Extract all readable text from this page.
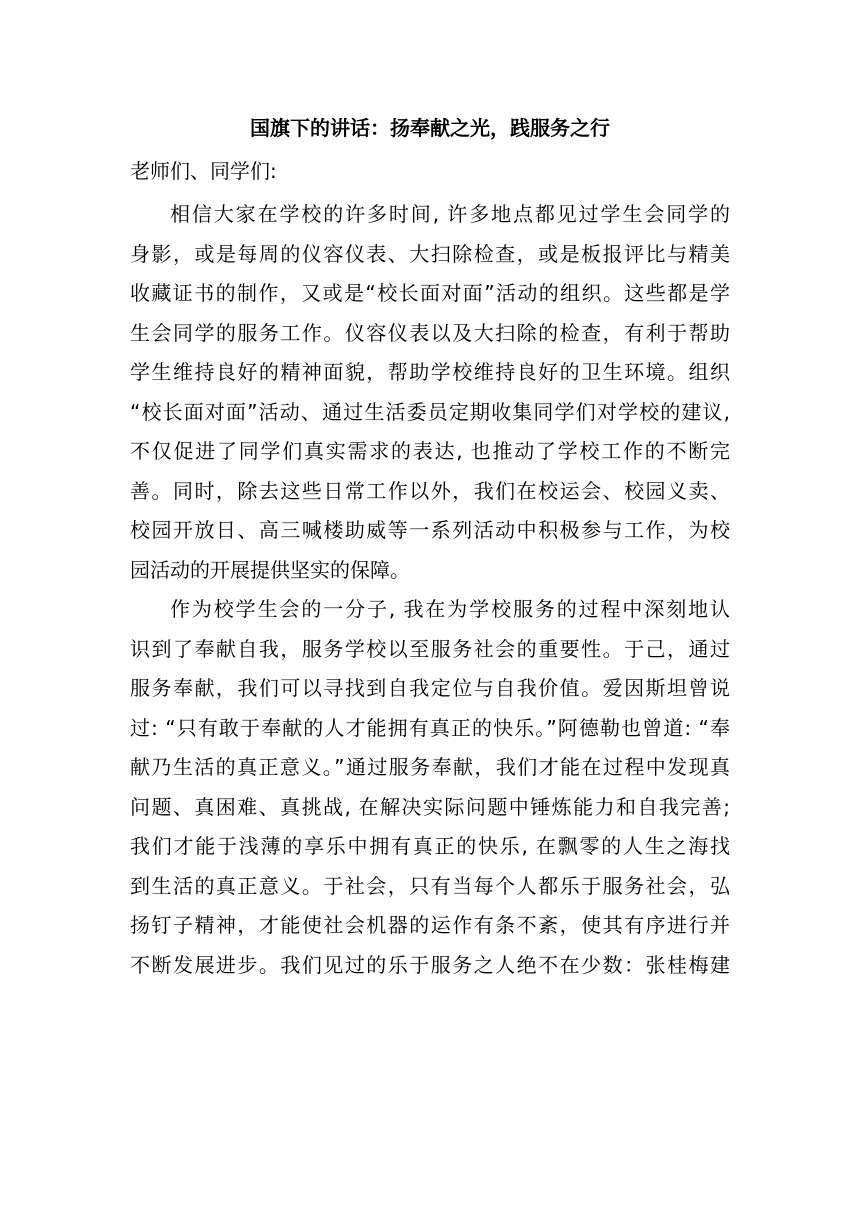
国旗下的讲话：扬奉献之光，践服务之行
老师们、同学们:
相信大家在学校的许多时间, 许多地点都见过学生会同学的
身影，或是每周的仪容仪表、大扫除检查，或是板报评比与精美
收藏证书的制作，又或是“校长面对面”活动的组织。这些都是学
生会同学的服务工作。仪容仪表以及大扫除的检查，有利于帮助
学生维持良好的精神面貌，帮助学校维持良好的卫生环境。组织
“校长面对面”活动、通过生活委员定期收集同学们对学校的建议,
不仅促进了同学们真实需求的表达, 也推动了学校工作的不断完
善。同时，除去这些日常工作以外，我们在校运会、校园义卖、
校园开放日、高三喊楼助威等一系列活动中积极参与工作，为校
园活动的开展提供坚实的保障。
作为校学生会的一分子, 我在为学校服务的过程中深刻地认
识到了奉献自我，服务学校以至服务社会的重要性。于己，通过
服务奉献，我们可以寻找到自我定位与自我价值。爱因斯坦曾说
过: “只有敢于奉献的人才能拥有真正的快乐。”阿德勒也曾道: “奉
献乃生活的真正意义。”通过服务奉献，我们才能在过程中发现真
问题、真困难、真挑战, 在解决实际问题中锤炼能力和自我完善;
我们才能于浅薄的享乐中拥有真正的快乐, 在飘零的人生之海找
到生活的真正意义。于社会，只有当每个人都乐于服务社会，弘
扬钉子精神，才能使社会机器的运作有条不紊，使其有序进行并
不断发展进步。我们见过的乐于服务之人绝不在少数：张桂梅建
